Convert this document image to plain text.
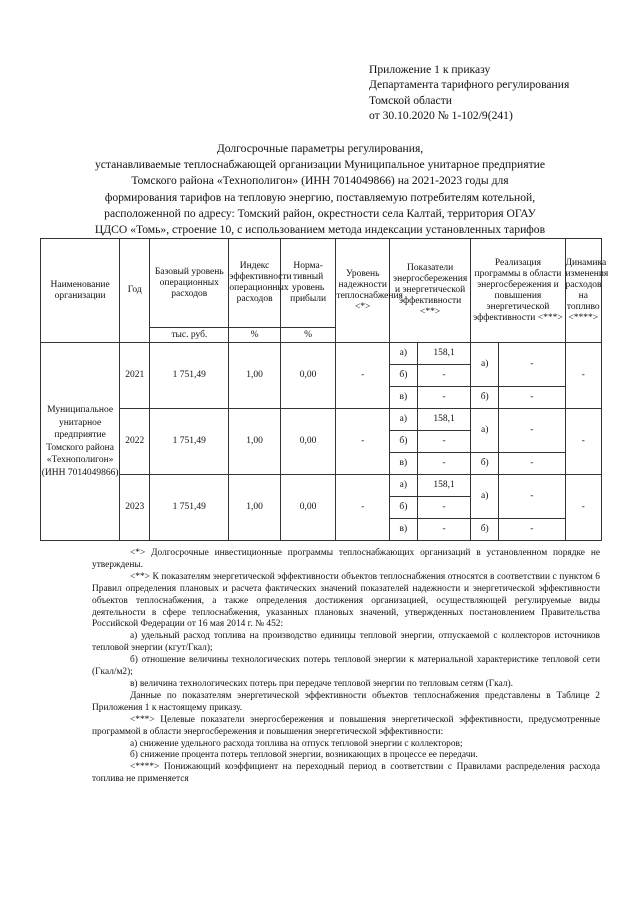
Приложение 1 к приказу
Департамента тарифного регулирования
Томской области
от 30.10.2020 № 1-102/9(241)
Долгосрочные параметры регулирования,
устанавливаемые теплоснабжающей организации Муниципальное унитарное предприятие
Томского района «Технополигон» (ИНН 7014049866) на 2021-2023 годы для
формирования тарифов на тепловую энергию, поставляемую потребителям котельной,
расположенной по адресу: Томский район, окрестности села Калтай, территория ОГАУ
ЦДСО «Томь», строение 10, с использованием метода индексации установленных тарифов
Наименование организации	Год	Базовый уровень операционных расходов	Индекс эффективности операционных расходов	Норма-тивный уровень прибыли	Уровень надежности теплоснабжения <*>	Показатели энергосбережения и энергетической эффективности <**>		Реализация программы в области энергосбережения и повышения энергетической эффективности <***>		Динамика изменения расходов на топливо <****>
		тыс. руб.	%	%						
Муниципальное унитарное предприятие Томского района «Технополигон» (ИНН 7014049866)	2021	1 751,49	1,00	0,00	-	а)	158,1	а)	-	-
						б)	-			
						в)	-	б)	-	
	2022	1 751,49	1,00	0,00	-	а)	158,1	а)	-	-
						б)	-			
						в)	-	б)	-	
	2023	1 751,49	1,00	0,00	-	а)	158,1	а)	-	-
						б)	-			
						в)	-	б)	-	

<*> Долгосрочные инвестиционные программы теплоснабжающих организаций в установленном порядке не утверждены.

<**> К показателям энергетической эффективности объектов теплоснабжения относятся в соответствии с пунктом 6 Правил определения плановых и расчета фактических значений показателей надежности и энергетической эффективности объектов теплоснабжения, а также определения достижения организацией, осуществляющей регулируемые виды деятельности в сфере теплоснабжения, указанных плановых значений, утвержденных постановлением Правительства Российской Федерации от 16 мая 2014 г. № 452:

а) удельный расход топлива на производство единицы тепловой энергии, отпускаемой с коллекторов источников тепловой энергии (кгут/Гкал);

б) отношение величины технологических потерь тепловой энергии к материальной характеристике тепловой сети (Гкал/м2);

в) величина технологических потерь при передаче тепловой энергии по тепловым сетям (Гкал).

Данные по показателям энергетической эффективности объектов теплоснабжения представлены в Таблице 2 Приложения 1 к настоящему приказу.

<***> Целевые показатели энергосбережения и повышения энергетической эффективности, предусмотренные программой в области энергосбережения и повышения энергетической эффективности:

а) снижение удельного расхода топлива на отпуск тепловой энергии с коллекторов;

б) снижение процента потерь тепловой энергии, возникающих в процессе ее передачи.

<****> Понижающий коэффициент на переходный период в соответствии с Правилами распределения расхода топлива не применяется
